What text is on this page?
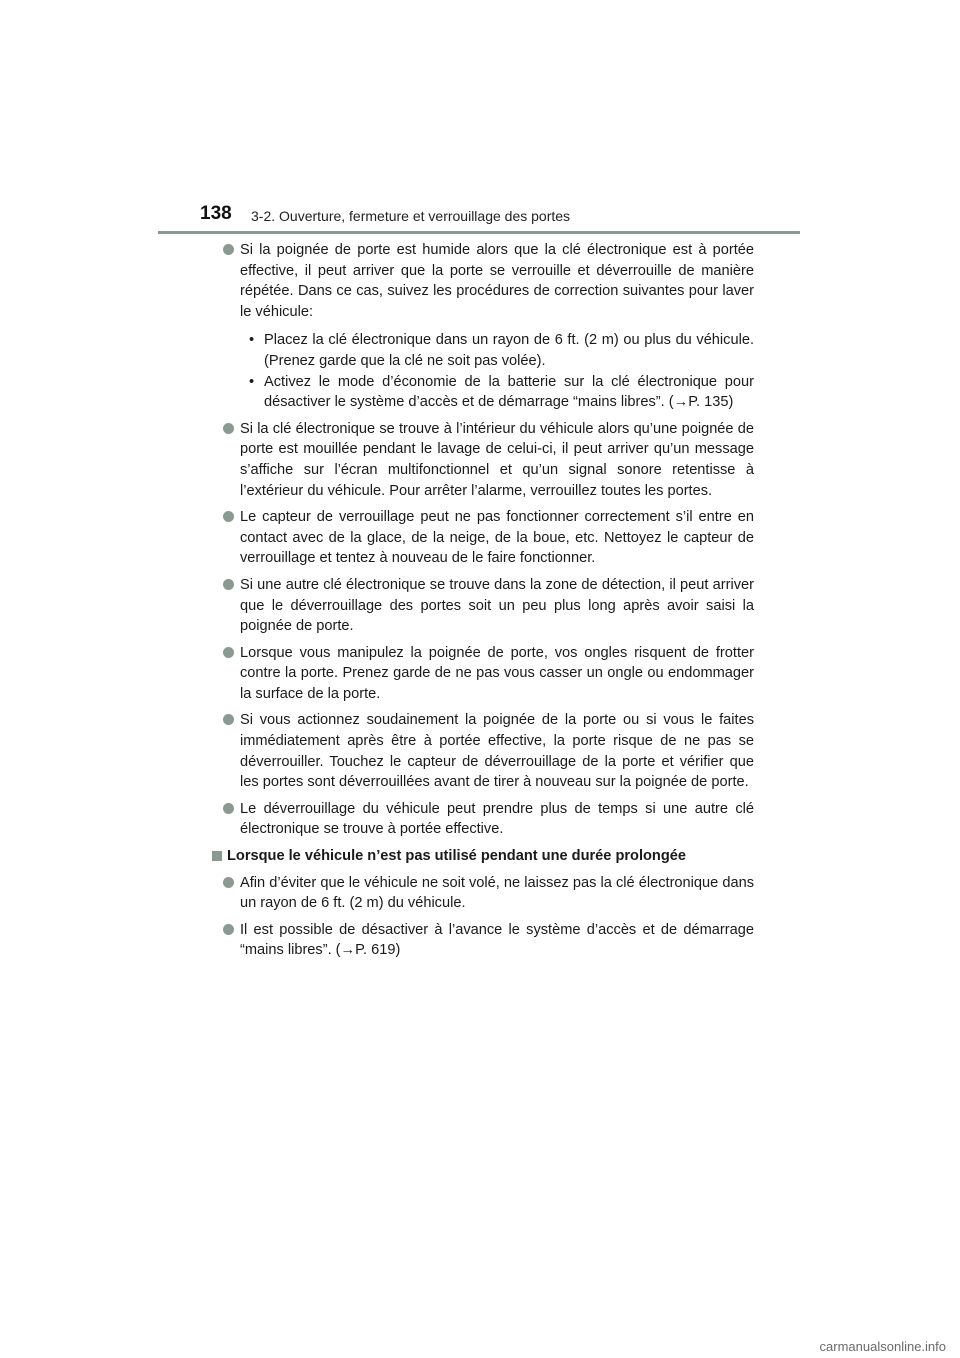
138 3-2. Ouverture, fermeture et verrouillage des portes
Si la poignée de porte est humide alors que la clé électronique est à portée effective, il peut arriver que la porte se verrouille et déverrouille de manière répétée. Dans ce cas, suivez les procédures de correction suivantes pour laver le véhicule:
• Placez la clé électronique dans un rayon de 6 ft. (2 m) ou plus du véhicule. (Prenez garde que la clé ne soit pas volée).
• Activez le mode d’économie de la batterie sur la clé électronique pour désactiver le système d’accès et de démarrage “mains libres”. (→P. 135)
Si la clé électronique se trouve à l’intérieur du véhicule alors qu’une poignée de porte est mouillée pendant le lavage de celui-ci, il peut arriver qu’un message s’affiche sur l’écran multifonctionnel et qu’un signal sonore retentisse à l’extérieur du véhicule. Pour arrêter l’alarme, verrouillez toutes les portes.
Le capteur de verrouillage peut ne pas fonctionner correctement s’il entre en contact avec de la glace, de la neige, de la boue, etc. Nettoyez le capteur de verrouillage et tentez à nouveau de le faire fonctionner.
Si une autre clé électronique se trouve dans la zone de détection, il peut arriver que le déverrouillage des portes soit un peu plus long après avoir saisi la poignée de porte.
Lorsque vous manipulez la poignée de porte, vos ongles risquent de frotter contre la porte. Prenez garde de ne pas vous casser un ongle ou endommager la surface de la porte.
Si vous actionnez soudainement la poignée de la porte ou si vous le faites immédiatement après être à portée effective, la porte risque de ne pas se déverrouiller. Touchez le capteur de déverrouillage de la porte et vérifier que les portes sont déverrouillées avant de tirer à nouveau sur la poignée de porte.
Le déverrouillage du véhicule peut prendre plus de temps si une autre clé électronique se trouve à portée effective.
Lorsque le véhicule n’est pas utilisé pendant une durée prolongée
Afin d’éviter que le véhicule ne soit volé, ne laissez pas la clé électronique dans un rayon de 6 ft. (2 m) du véhicule.
Il est possible de désactiver à l’avance le système d’accès et de démarrage “mains libres”. (→P. 619)
carmanualsonline.info
